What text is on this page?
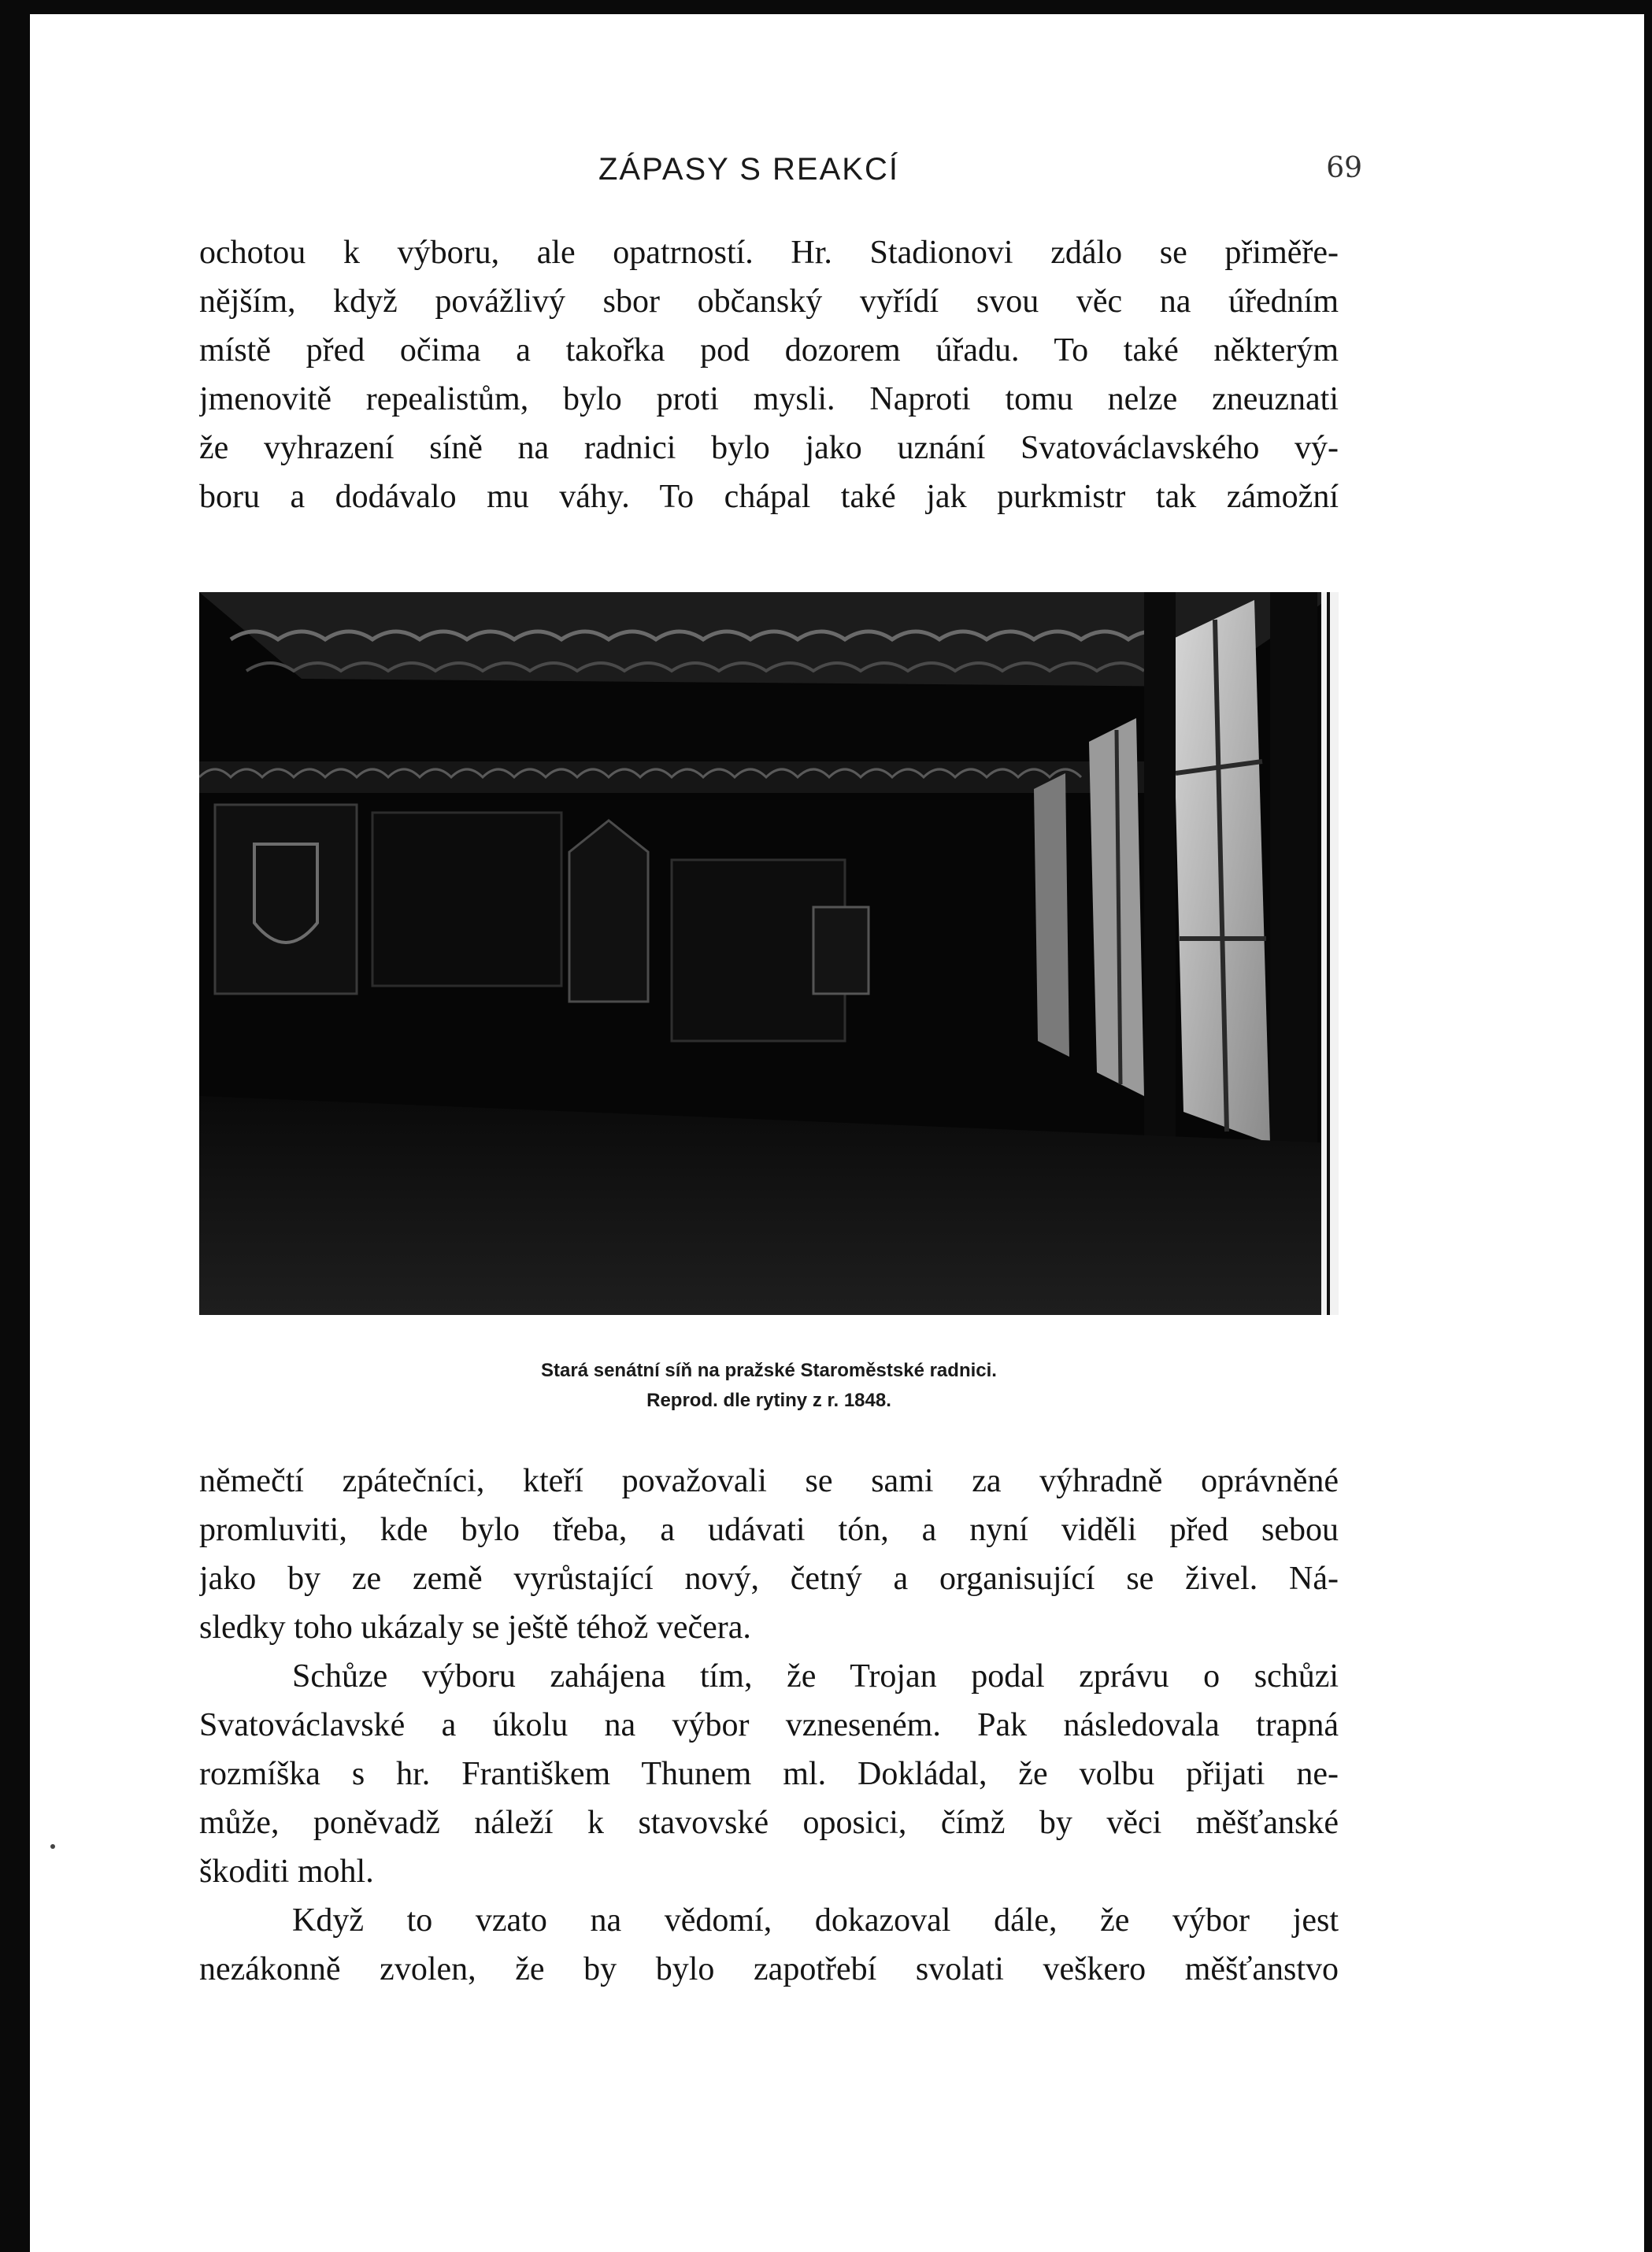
ZÁPASY S REAKCÍ	69
ochotou k výboru, ale opatrností. Hr. Stadionovi zdálo se přiměře-
nějším, když povážlivý sbor občanský vyřídí svou věc na úředním
místě před očima a takořka pod dozorem úřadu. To také některým
jmenovitě repealistům, bylo proti mysli. Naproti tomu nelze zneuznati
že vyhrazení síně na radnici bylo jako uznání Svatováclavského vý-
boru a dodávalo mu váhy. To chápal také jak purkmistr tak zámožní
Stará senátní síň na pražské Staroměstské radnici.
Reprod. dle rytiny z r. 1848.
němečtí zpátečníci, kteří považovali se sami za výhradně oprávněné
promluviti, kde bylo třeba, a udávati tón, a nyní viděli před sebou
jako by ze země vyrůstající nový, četný a organisující se živel. Ná-
sledky toho ukázaly se ještě téhož večera.
Schůze výboru zahájena tím, že Trojan podal zprávu o schůzi
Svatováclavské a úkolu na výbor vzneseném. Pak následovala trapná
rozmíška s hr. Františkem Thunem ml. Dokládal, že volbu přijati ne-
může, poněvadž náleží k stavovské oposici, čímž by věci měšťanské
škoditi mohl.
Když to vzato na vědomí, dokazoval dále, že výbor jest
nezákonně zvolen, že by bylo zapotřebí svolati veškero měšťanstvo
